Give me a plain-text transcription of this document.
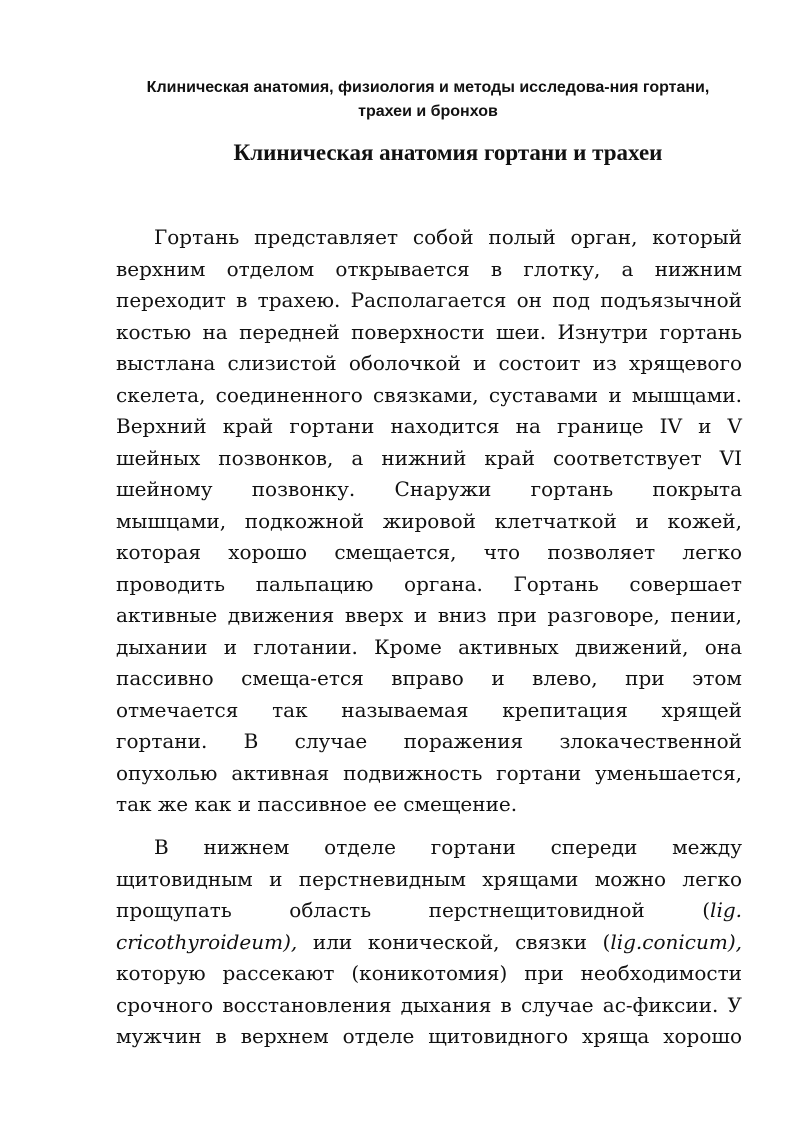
Клиническая анатомия, физиология и методы исследова-ния гортани, трахеи и бронхов
Клиническая анатомия гортани и трахеи
Гортань представляет собой полый орган, который
верхним отделом открывается в глотку, а нижним
переходит в трахею. Располагается он под подъязычной
костью на передней поверхности шеи. Изнутри гортань
выстлана слизистой оболочкой и состоит из хрящевого
скелета, соединенного связками, суставами и мышцами.
Верхний край гортани находится на границе IV и V
шейных позвонков, а нижний край соответствует VI
шейному позвонку. Снаружи гортань покрыта
мышцами, подкожной жировой клетчаткой и кожей,
которая хорошо смещается, что позволяет легко
проводить пальпацию органа. Гортань совершает
активные движения вверх и вниз при разговоре, пении,
дыхании и глотании. Кроме активных движений, она
пассивно смеща-ется вправо и влево, при этом
отмечается так называемая крепитация хрящей
гортани. В случае поражения злокачественной
опухолью активная подвижность гортани уменьшается,
так же как и пассивное ее смещение.
В нижнем отделе гортани спереди между
щитовидным и перстневидным хрящами можно легко
прощупать область перстнещитовидной (lig.
cricothyroideum), или конической, связки (lig.conicum),
которую рассекают (коникотомия) при необходимости
срочного восстановления дыхания в случае ас-фиксии. У
мужчин в верхнем отделе щитовидного хряща хорошо
